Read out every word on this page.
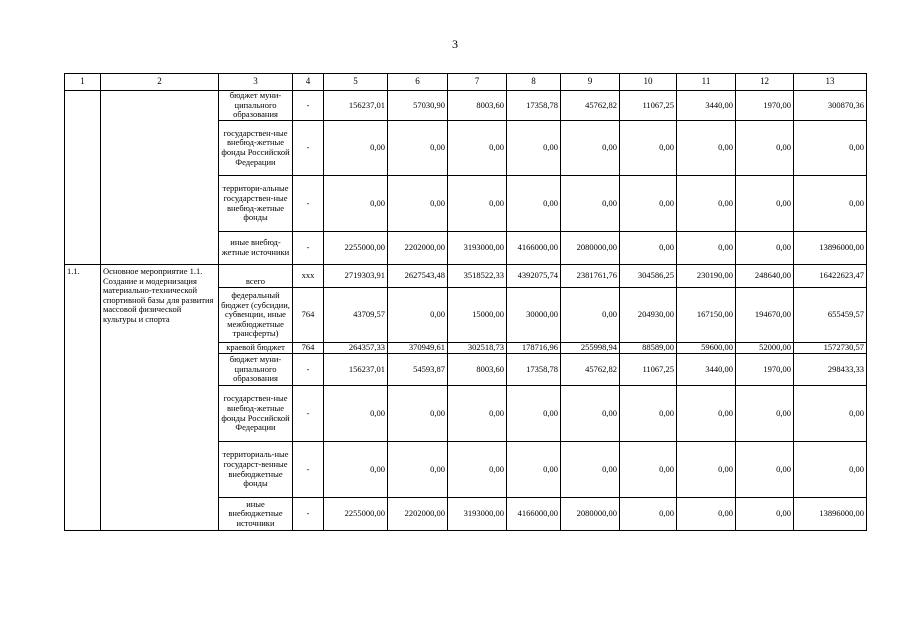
3
1	2	3	4	5	6	7	8	9	10	11	12	13
		бюджет муни-ципального образования	-	156237,01	57030,90	8003,60	17358,78	45762,82	11067,25	3440,00	1970,00	300870,36
		государствен-ные внебюд-жетные фонды Российской Федерации	-	0,00	0,00	0,00	0,00	0,00	0,00	0,00	0,00	0,00
		территори-альные государствен-ные внебюд-жетные фонды	-	0,00	0,00	0,00	0,00	0,00	0,00	0,00	0,00	0,00
		иные внебюд-жетные источники	-	2255000,00	2202000,00	3193000,00	4166000,00	2080000,00	0,00	0,00	0,00	13896000,00
1.1.	Основное мероприятие 1.1. Создание и модернизация материально-технической спортивной базы для развития массовой физической культуры и спорта	всего	ххх	2719303,91	2627543,48	3518522,33	4392075,74	2381761,76	304586,25	230190,00	248640,00	16422623,47
		федеральный бюджет (субсидии, субвенции, иные межбюджетные трансферты)	764	43709,57	0,00	15000,00	30000,00	0,00	204930,00	167150,00	194670,00	655459,57
		краевой бюджет	764	264357,33	370949,61	302518,73	178716,96	255998,94	88589,00	59600,00	52000,00	1572730,57
		бюджет муни-ципального образования	-	156237,01	54593,87	8003,60	17358,78	45762,82	11067,25	3440,00	1970,00	298433,33
		государствен-ные внебюд-жетные фонды Российской Федерации	-	0,00	0,00	0,00	0,00	0,00	0,00	0,00	0,00	0,00
		территориаль-ные государст-венные внебюджетные фонды	-	0,00	0,00	0,00	0,00	0,00	0,00	0,00	0,00	0,00
		иные внебюджетные источники	-	2255000,00	2202000,00	3193000,00	4166000,00	2080000,00	0,00	0,00	0,00	13896000,00
